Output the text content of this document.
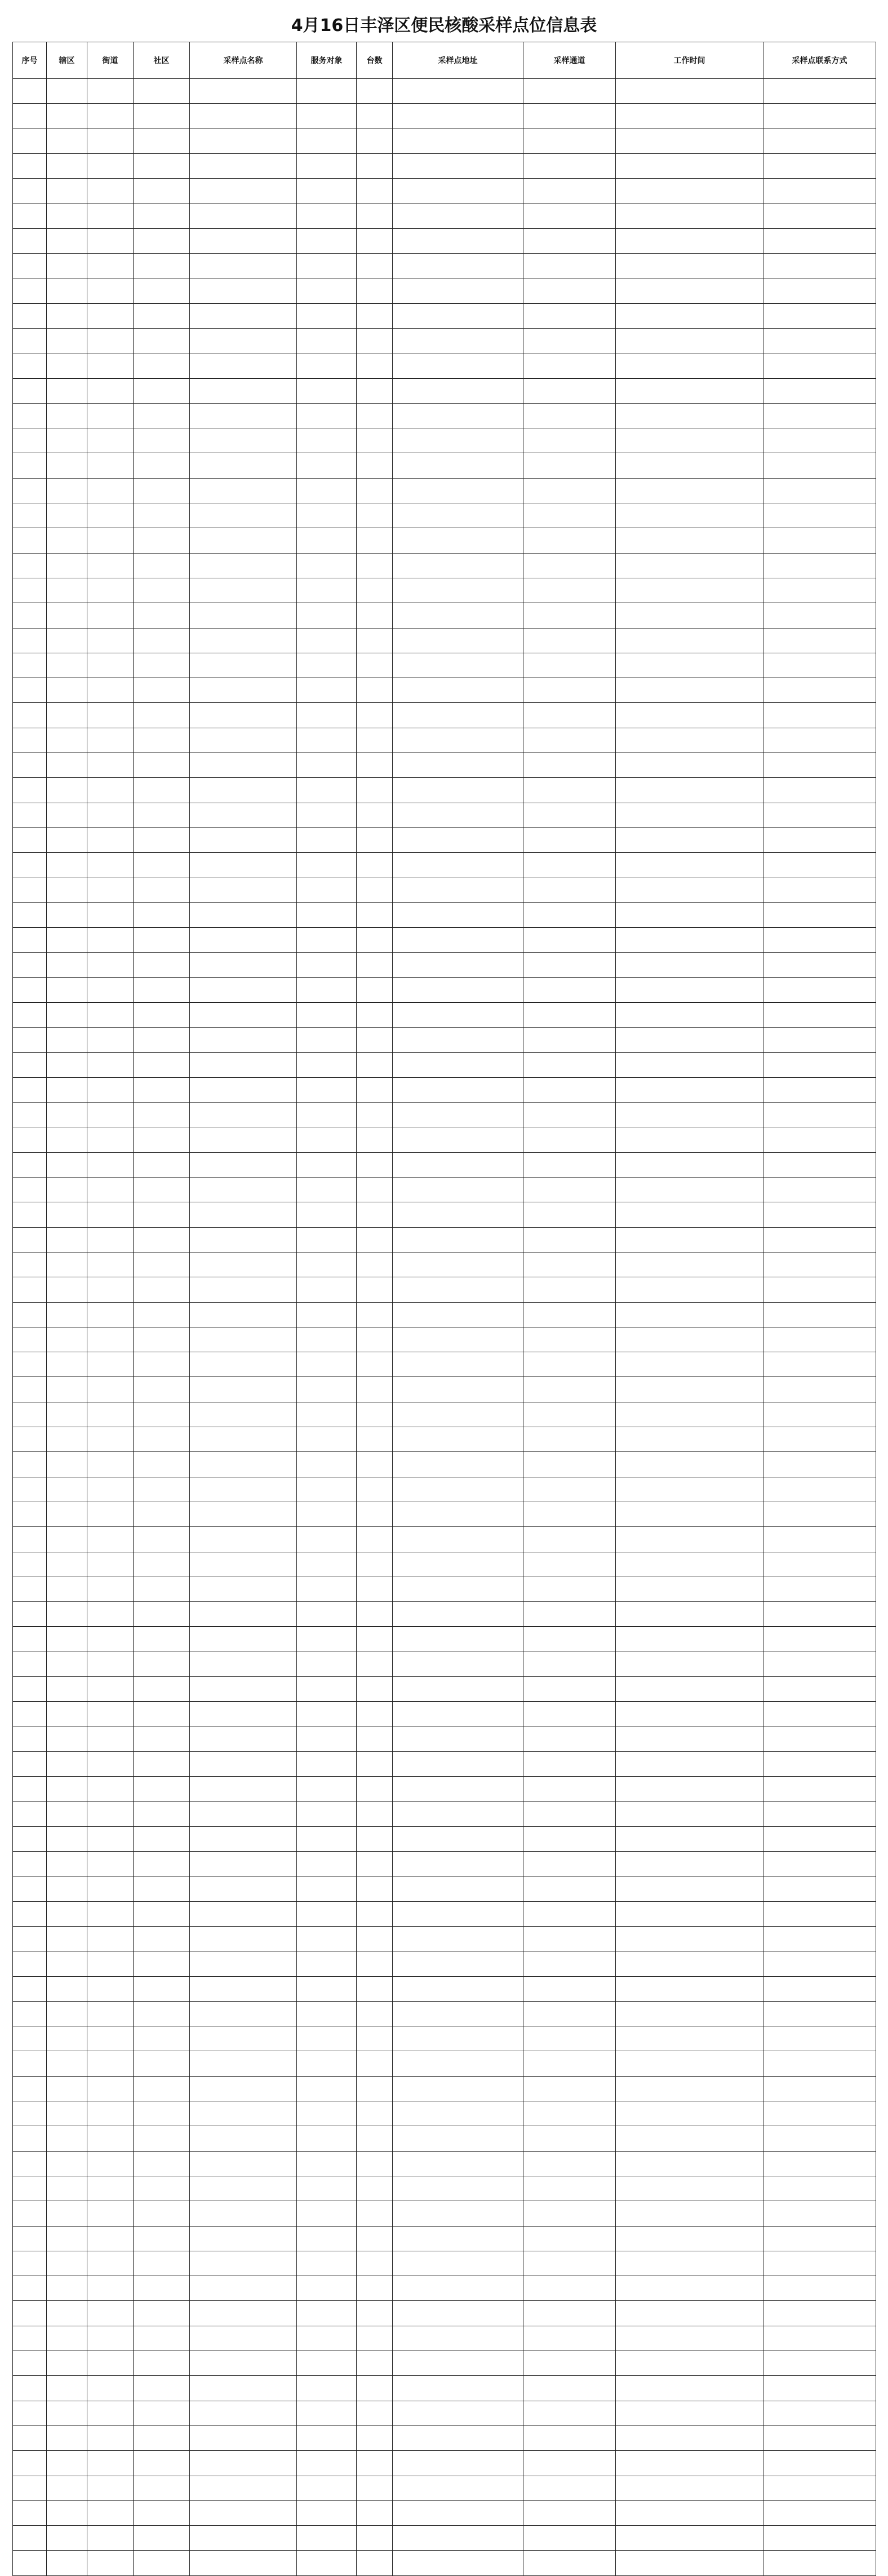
4月16日丰泽区便民核酸采样点位信息表
序号	辖区	街道	社区	采样点名称	服务对象	台数	采样点地址	采样通道	工作时间	采样点联系方式
